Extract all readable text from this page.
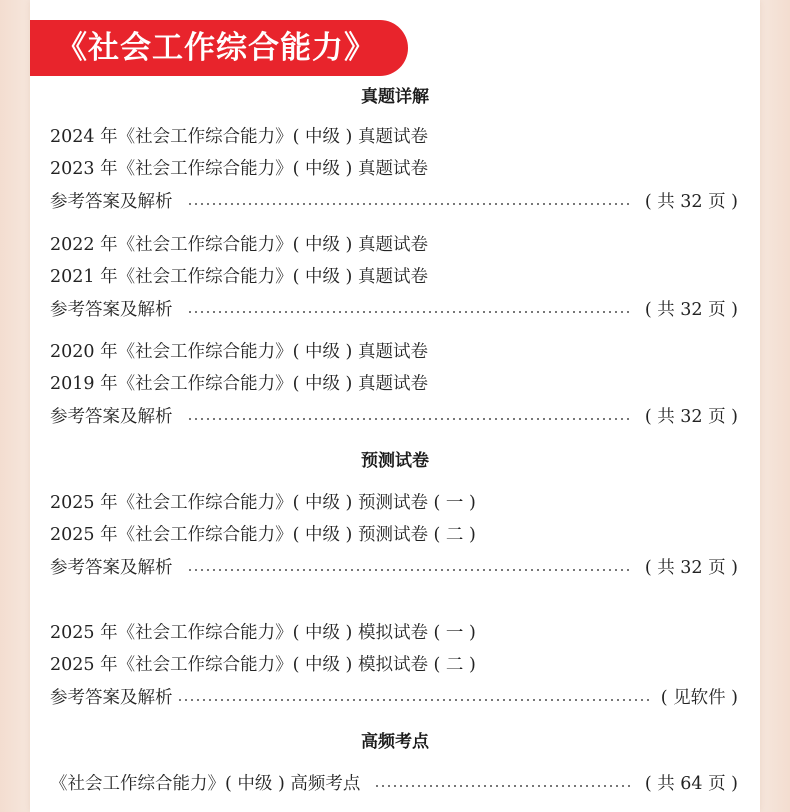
《社会工作综合能力》
真题详解
2024 年《社会工作综合能力》( 中级 ) 真题试卷
2023 年《社会工作综合能力》( 中级 ) 真题试卷
参考答案及解析	( 共 32 页 )
2022 年《社会工作综合能力》( 中级 ) 真题试卷
2021 年《社会工作综合能力》( 中级 ) 真题试卷
参考答案及解析	( 共 32 页 )
2020 年《社会工作综合能力》( 中级 ) 真题试卷
2019 年《社会工作综合能力》( 中级 ) 真题试卷
参考答案及解析	( 共 32 页 )
预测试卷
2025 年《社会工作综合能力》( 中级 ) 预测试卷 ( 一 )
2025 年《社会工作综合能力》( 中级 ) 预测试卷 ( 二 )
参考答案及解析	( 共 32 页 )
2025 年《社会工作综合能力》( 中级 ) 模拟试卷 ( 一 )
2025 年《社会工作综合能力》( 中级 ) 模拟试卷 ( 二 )
参考答案及解析	( 见软件 )
高频考点
《社会工作综合能力》( 中级 ) 高频考点	( 共 64 页 )
